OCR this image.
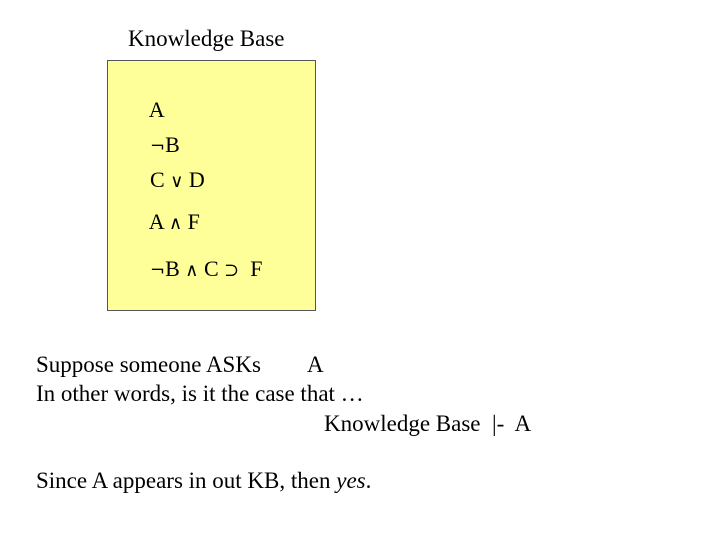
Knowledge Base

A

¬B

C ∨ D

A ∧ F

¬B ∧ C ⊃  F

Suppose someone ASKs A
In other words, is it the case that …
Knowledge Base  |-  A
Since A appears in out KB, then yes.
